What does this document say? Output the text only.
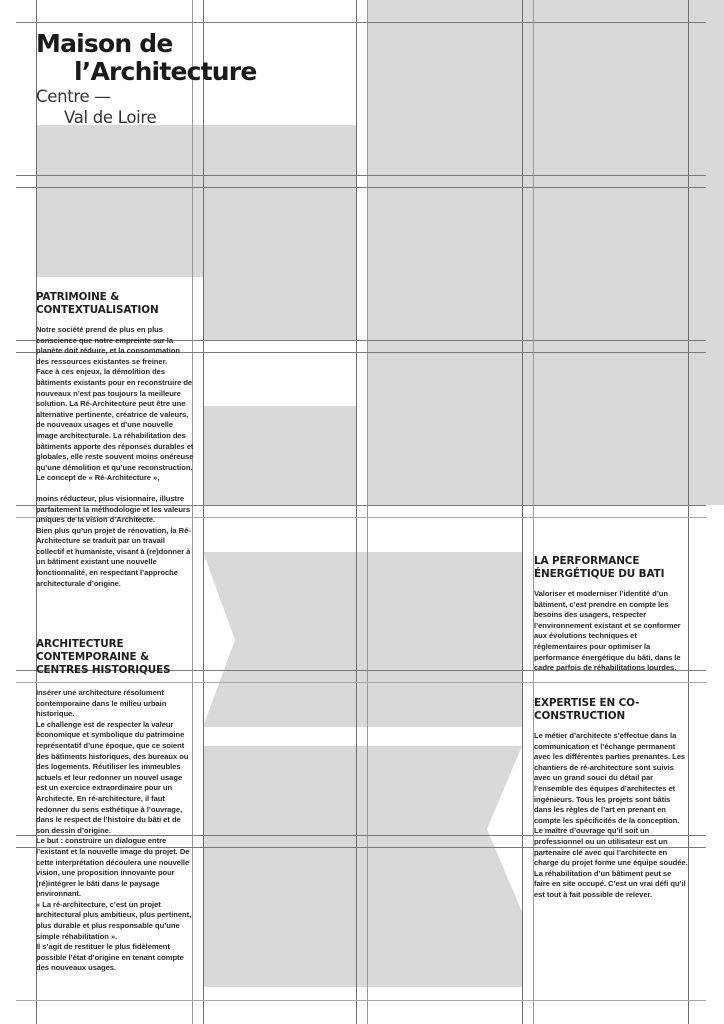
Maison de
l’Architecture
Centre —
Val de Loire
PATRIMOINE &
CONTEXTUALISATION

Notre société prend de plus en plus conscience que notre empreinte sur la planète doit réduire, et la consommation des ressources existantes se freiner.

Face à ces enjeux, la démolition des bâtiments existants pour en reconstruire de nouveaux n’est pas toujours la meilleure solution. La Ré-Architecture peut être une alternative pertinente, créatrice de valeurs, de nouveaux usages et d’une nouvelle image architecturale. La réhabilitation des bâtiments apporte des réponses durables et globales, elle reste souvent moins onéreuse qu’une démolition et qu’une reconstruction.

Le concept de « Ré-Architecture »,

moins réducteur, plus visionnaire, illustre parfaitement la méthodologie et les valeurs uniques de la vision d’Architecte.

Bien plus qu’un projet de rénovation, la Ré-Architecture se traduit par un travail collectif et humaniste, visant à (re)donner à un bâtiment existant une nouvelle fonctionnalité, en respectant l’approche architecturale d’origine.

ARCHITECTURE
CONTEMPORAINE &
CENTRES HISTORIQUES

Insérer une architecture résolument contemporaine dans le milieu urbain historique.

Le challenge est de respecter la valeur économique et symbolique du patrimoine représentatif d’une époque, que ce soient des bâtiments historiques, des bureaux ou des logements. Réutiliser les immeubles actuels et leur redonner un nouvel usage est un exercice extraordinaire pour un Architecte. En ré-architecture, il faut redonner du sens esthétique à l’ouvrage, dans le respect de l’histoire du bâti et de son dessin d’origine.

Le but : construire un dialogue entre l’existant et la nouvelle image du projet. De cette interprétation découlera une nouvelle vision, une proposition innovante pour (ré)intégrer le bâti dans le paysage environnant.

« La ré-architecture, c’est un projet architectural plus ambitieux, plus pertinent, plus durable et plus responsable qu’une simple réhabilitation ».

Il s’agit de restituer le plus fidèlement possible l’état d’origine en tenant compte des nouveaux usages.

LA PERFORMANCE
ÉNERGÉTIQUE DU BATI

Valoriser et moderniser l’identité d’un bâtiment, c’est prendre en compte les besoins des usagers, respecter l’environnement existant et se conformer aux évolutions techniques et réglementaires pour optimiser la performance énergétique du bâti, dans le cadre parfois de réhabilitations lourdes.

EXPERTISE EN CO-
CONSTRUCTION

Le métier d’architecte s’effectue dans la communication et l’échange permanent avec les différentes parties prenantes. Les chantiers de ré-architecture sont suivis avec un grand souci du détail par l’ensemble des équipes d’architectes et ingénieurs. Tous les projets sont bâtis dans les règles de l’art en prenant en compte les spécificités de la conception. Le maître d’ouvrage qu’il soit un professionnel ou un utilisateur est un partenaire clé avec qui l’architecte en charge du projet forme une équipe soudée. La réhabilitation d’un bâtiment peut se faire en site occupé. C’est un vrai défi qu’il est tout à fait possible de relever.
